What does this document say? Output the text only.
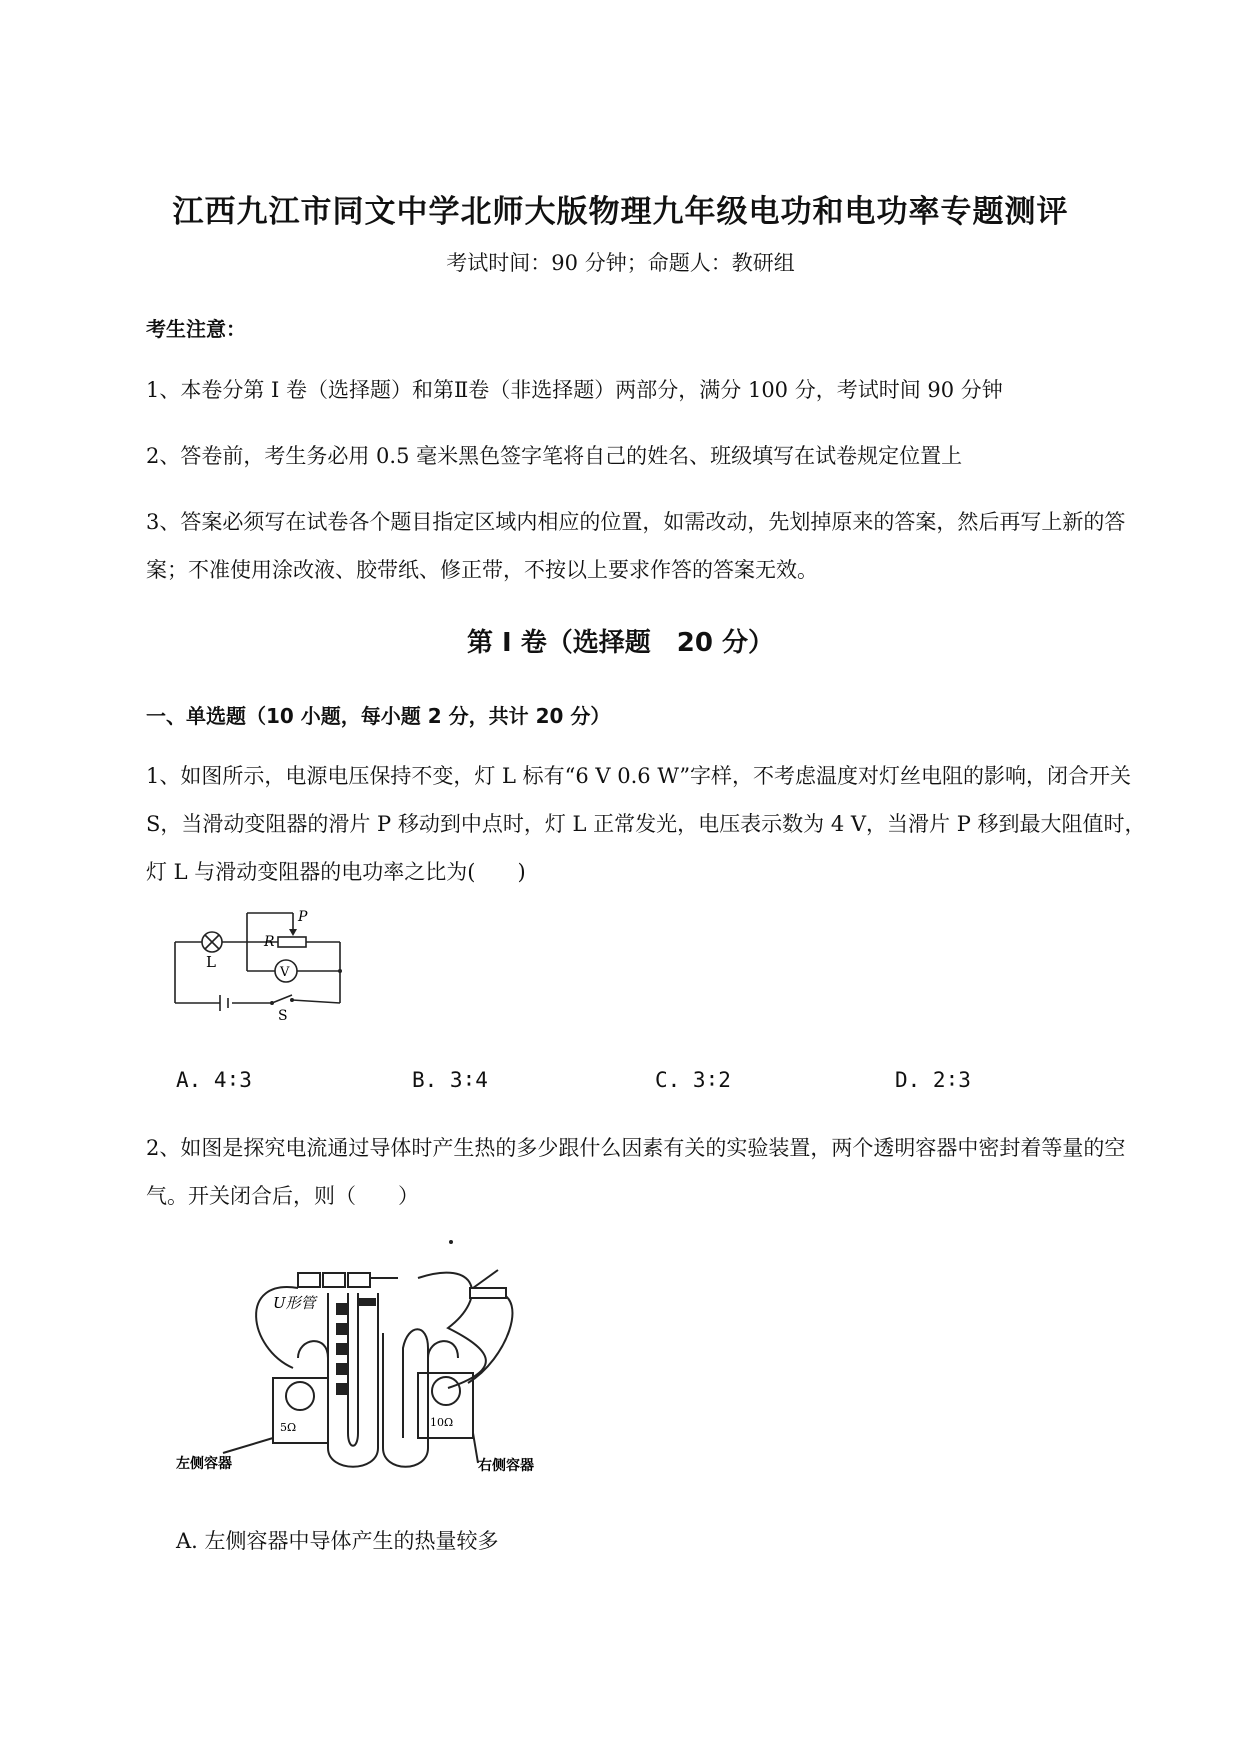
江西九江市同文中学北师大版物理九年级电功和电功率专题测评
考试时间：90 分钟；命题人：教研组
考生注意：
1、本卷分第 I 卷（选择题）和第Ⅱ卷（非选择题）两部分，满分 100 分，考试时间 90 分钟
2、答卷前，考生务必用 0.5 毫米黑色签字笔将自己的姓名、班级填写在试卷规定位置上
3、答案必须写在试卷各个题目指定区域内相应的位置，如需改动，先划掉原来的答案，然后再写上新的答案；不准使用涂改液、胶带纸、修正带，不按以上要求作答的答案无效。
第 I 卷（选择题　20 分）
一、单选题（10 小题，每小题 2 分，共计 20 分）
1、如图所示，电源电压保持不变，灯 L 标有“6 V 0.6 W”字样，不考虑温度对灯丝电阻的影响，闭合开关 S，当滑动变阻器的滑片 P 移动到中点时，灯 L 正常发光，电压表示数为 4 V，当滑片 P 移到最大阻值时，灯 L 与滑动变阻器的电功率之比为(　　)
L
R
P
V
S
A. 4∶3	B. 3∶4	C. 3∶2	D. 2∶3
2、如图是探究电流通过导体时产生热的多少跟什么因素有关的实验装置，两个透明容器中密封着等量的空气。开关闭合后，则（　　）
U形管
5Ω	10Ω
左侧容器	右侧容器
A. 左侧容器中导体产生的热量较多
